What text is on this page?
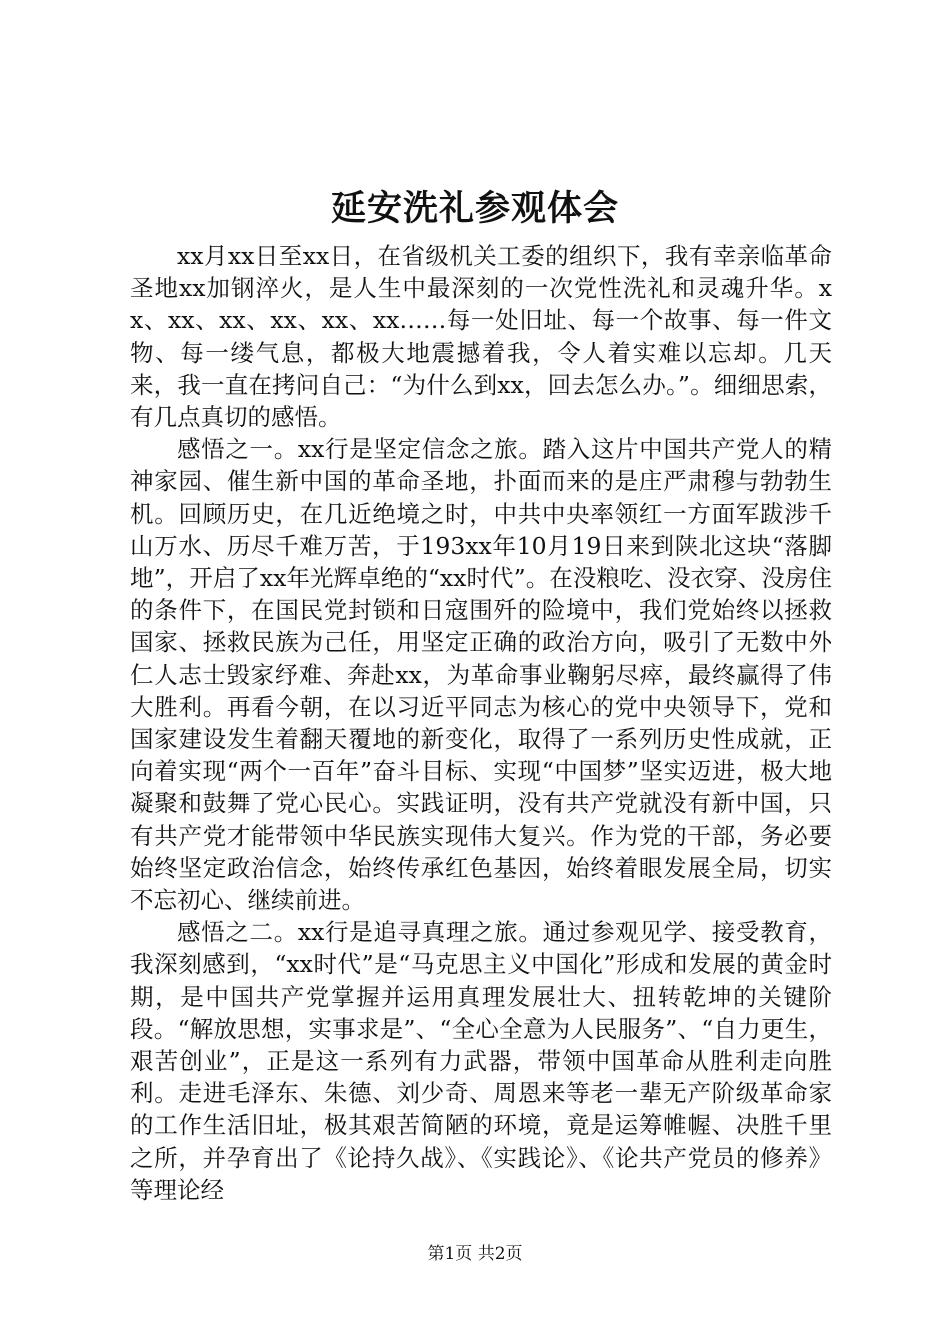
延安洗礼参观体会

xx月xx日至xx日，在省级机关工委的组织下，我有幸亲临革命圣地xx加钢淬火，是人生中最深刻的一次党性洗礼和灵魂升华。xx、xx、xx、xx、xx、xx……每一处旧址、每一个故事、每一件文物、每一缕气息，都极大地震撼着我，令人着实难以忘却。几天来，我一直在拷问自己：“为什么到xx，回去怎么办。”。细细思索，有几点真切的感悟。

感悟之一。xx行是坚定信念之旅。踏入这片中国共产党人的精神家园、催生新中国的革命圣地，扑面而来的是庄严肃穆与勃勃生机。回顾历史，在几近绝境之时，中共中央率领红一方面军跋涉千山万水、历尽千难万苦，于193xx年10月19日来到陕北这块“落脚地”，开启了xx年光辉卓绝的“xx时代”。在没粮吃、没衣穿、没房住的条件下，在国民党封锁和日寇围歼的险境中，我们党始终以拯救国家、拯救民族为己任，用坚定正确的政治方向，吸引了无数中外仁人志士毁家纾难、奔赴xx，为革命事业鞠躬尽瘁，最终赢得了伟大胜利。再看今朝，在以习近平同志为核心的党中央领导下，党和国家建设发生着翻天覆地的新变化，取得了一系列历史性成就，正向着实现“两个一百年”奋斗目标、实现“中国梦”坚实迈进，极大地凝聚和鼓舞了党心民心。实践证明，没有共产党就没有新中国，只有共产党才能带领中华民族实现伟大复兴。作为党的干部，务必要始终坚定政治信念，始终传承红色基因，始终着眼发展全局，切实不忘初心、继续前进。

感悟之二。xx行是追寻真理之旅。通过参观见学、接受教育，我深刻感到，“xx时代”是“马克思主义中国化”形成和发展的黄金时期，是中国共产党掌握并运用真理发展壮大、扭转乾坤的关键阶段。“解放思想，实事求是”、“全心全意为人民服务”、“自力更生，艰苦创业”，正是这一系列有力武器，带领中国革命从胜利走向胜利。走进毛泽东、朱德、刘少奇、周恩来等老一辈无产阶级革命家的工作生活旧址，极其艰苦简陋的环境，竟是运筹帷幄、决胜千里之所，并孕育出了《论持久战》、《实践论》、《论共产党员的修养》等理论经

第1页 共2页
